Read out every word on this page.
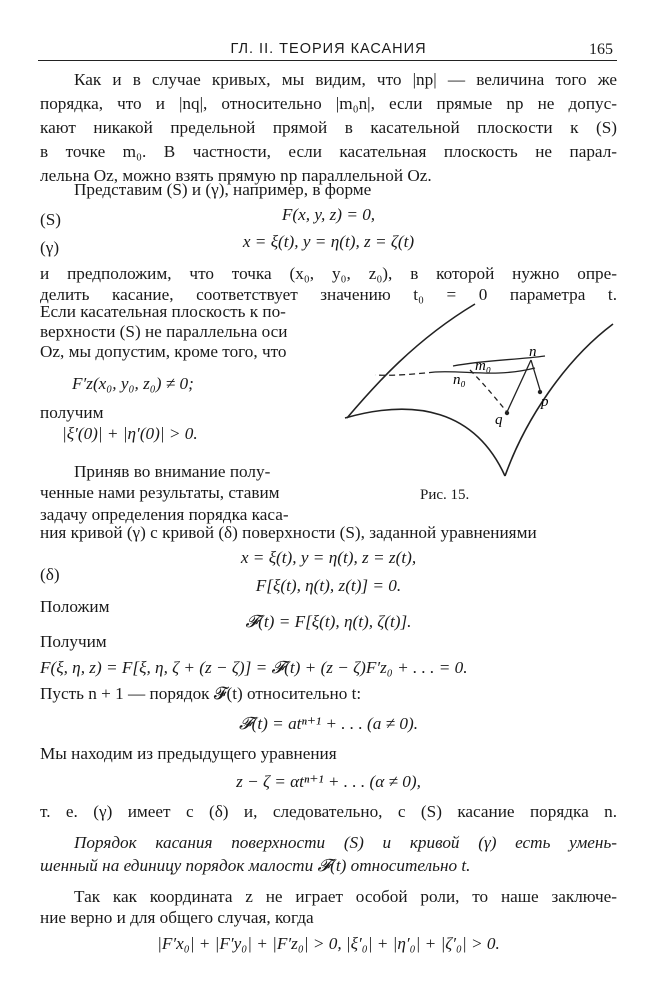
ГЛ. II. ТЕОРИЯ КАСАНИЯ	165
Как и в случае кривых, мы видим, что |np| — величина того же
порядка, что и |nq|, относительно |m₀n|, если прямые np не допус-
кают никакой предельной прямой в касательной плоскости к (S)
в точке m₀. В частности, если касательная плоскость не парал-
лельна Oz, можно взять прямую np параллельной Oz.
Представим (S) и (γ), например, в форме
(S)	F(x, y, z) = 0,
(γ)	x = ξ(t), y = η(t), z = ζ(t)
и предположим, что точка (x₀, y₀, z₀), в которой нужно опре-
делить касание, соответствует значению t₀ = 0 параметра t.
Если касательная плоскость к по-
верхности (S) не параллельна оси
Oz, мы допустим, кроме того, что
F′z(x₀, y₀, z₀) ≠ 0;
получим
|ξ′(0)| + |η′(0)| > 0.
Приняв во внимание полу-
ченные нами результаты, ставим
задачу определения порядка каса-
ния кривой (γ) с кривой (δ) поверхности (S), заданной уравнениями
x = ξ(t), y = η(t), z = z(t),
(δ)
F[ξ(t), η(t), z(t)] = 0.
Положим
𝓕(t) = F[ξ(t), η(t), ζ(t)].
Получим
F(ξ, η, z) = F[ξ, η, ζ + (z − ζ)] = 𝓕(t) + (z − ζ)F′z₀ + . . . = 0.
Пусть n + 1 — порядок 𝓕(t) относительно t:
𝓕(t) = atⁿ⁺¹ + . . . (a ≠ 0).
Мы находим из предыдущего уравнения
z − ζ = αtⁿ⁺¹ + . . . (α ≠ 0),
т. е. (γ) имеет с (δ) и, следовательно, с (S) касание порядка n.
Порядок касания поверхности (S) и кривой (γ) есть умень-
шенный на единицу порядок малости 𝓕(t) относительно t.
Так как координата z не играет особой роли, то наше заключе-
ние верно и для общего случая, когда
|F′x₀| + |F′y₀| + |F′z₀| > 0, |ξ′₀| + |η′₀| + |ζ′₀| > 0.
m₀
n₀
n
p
q
Рис. 15.
